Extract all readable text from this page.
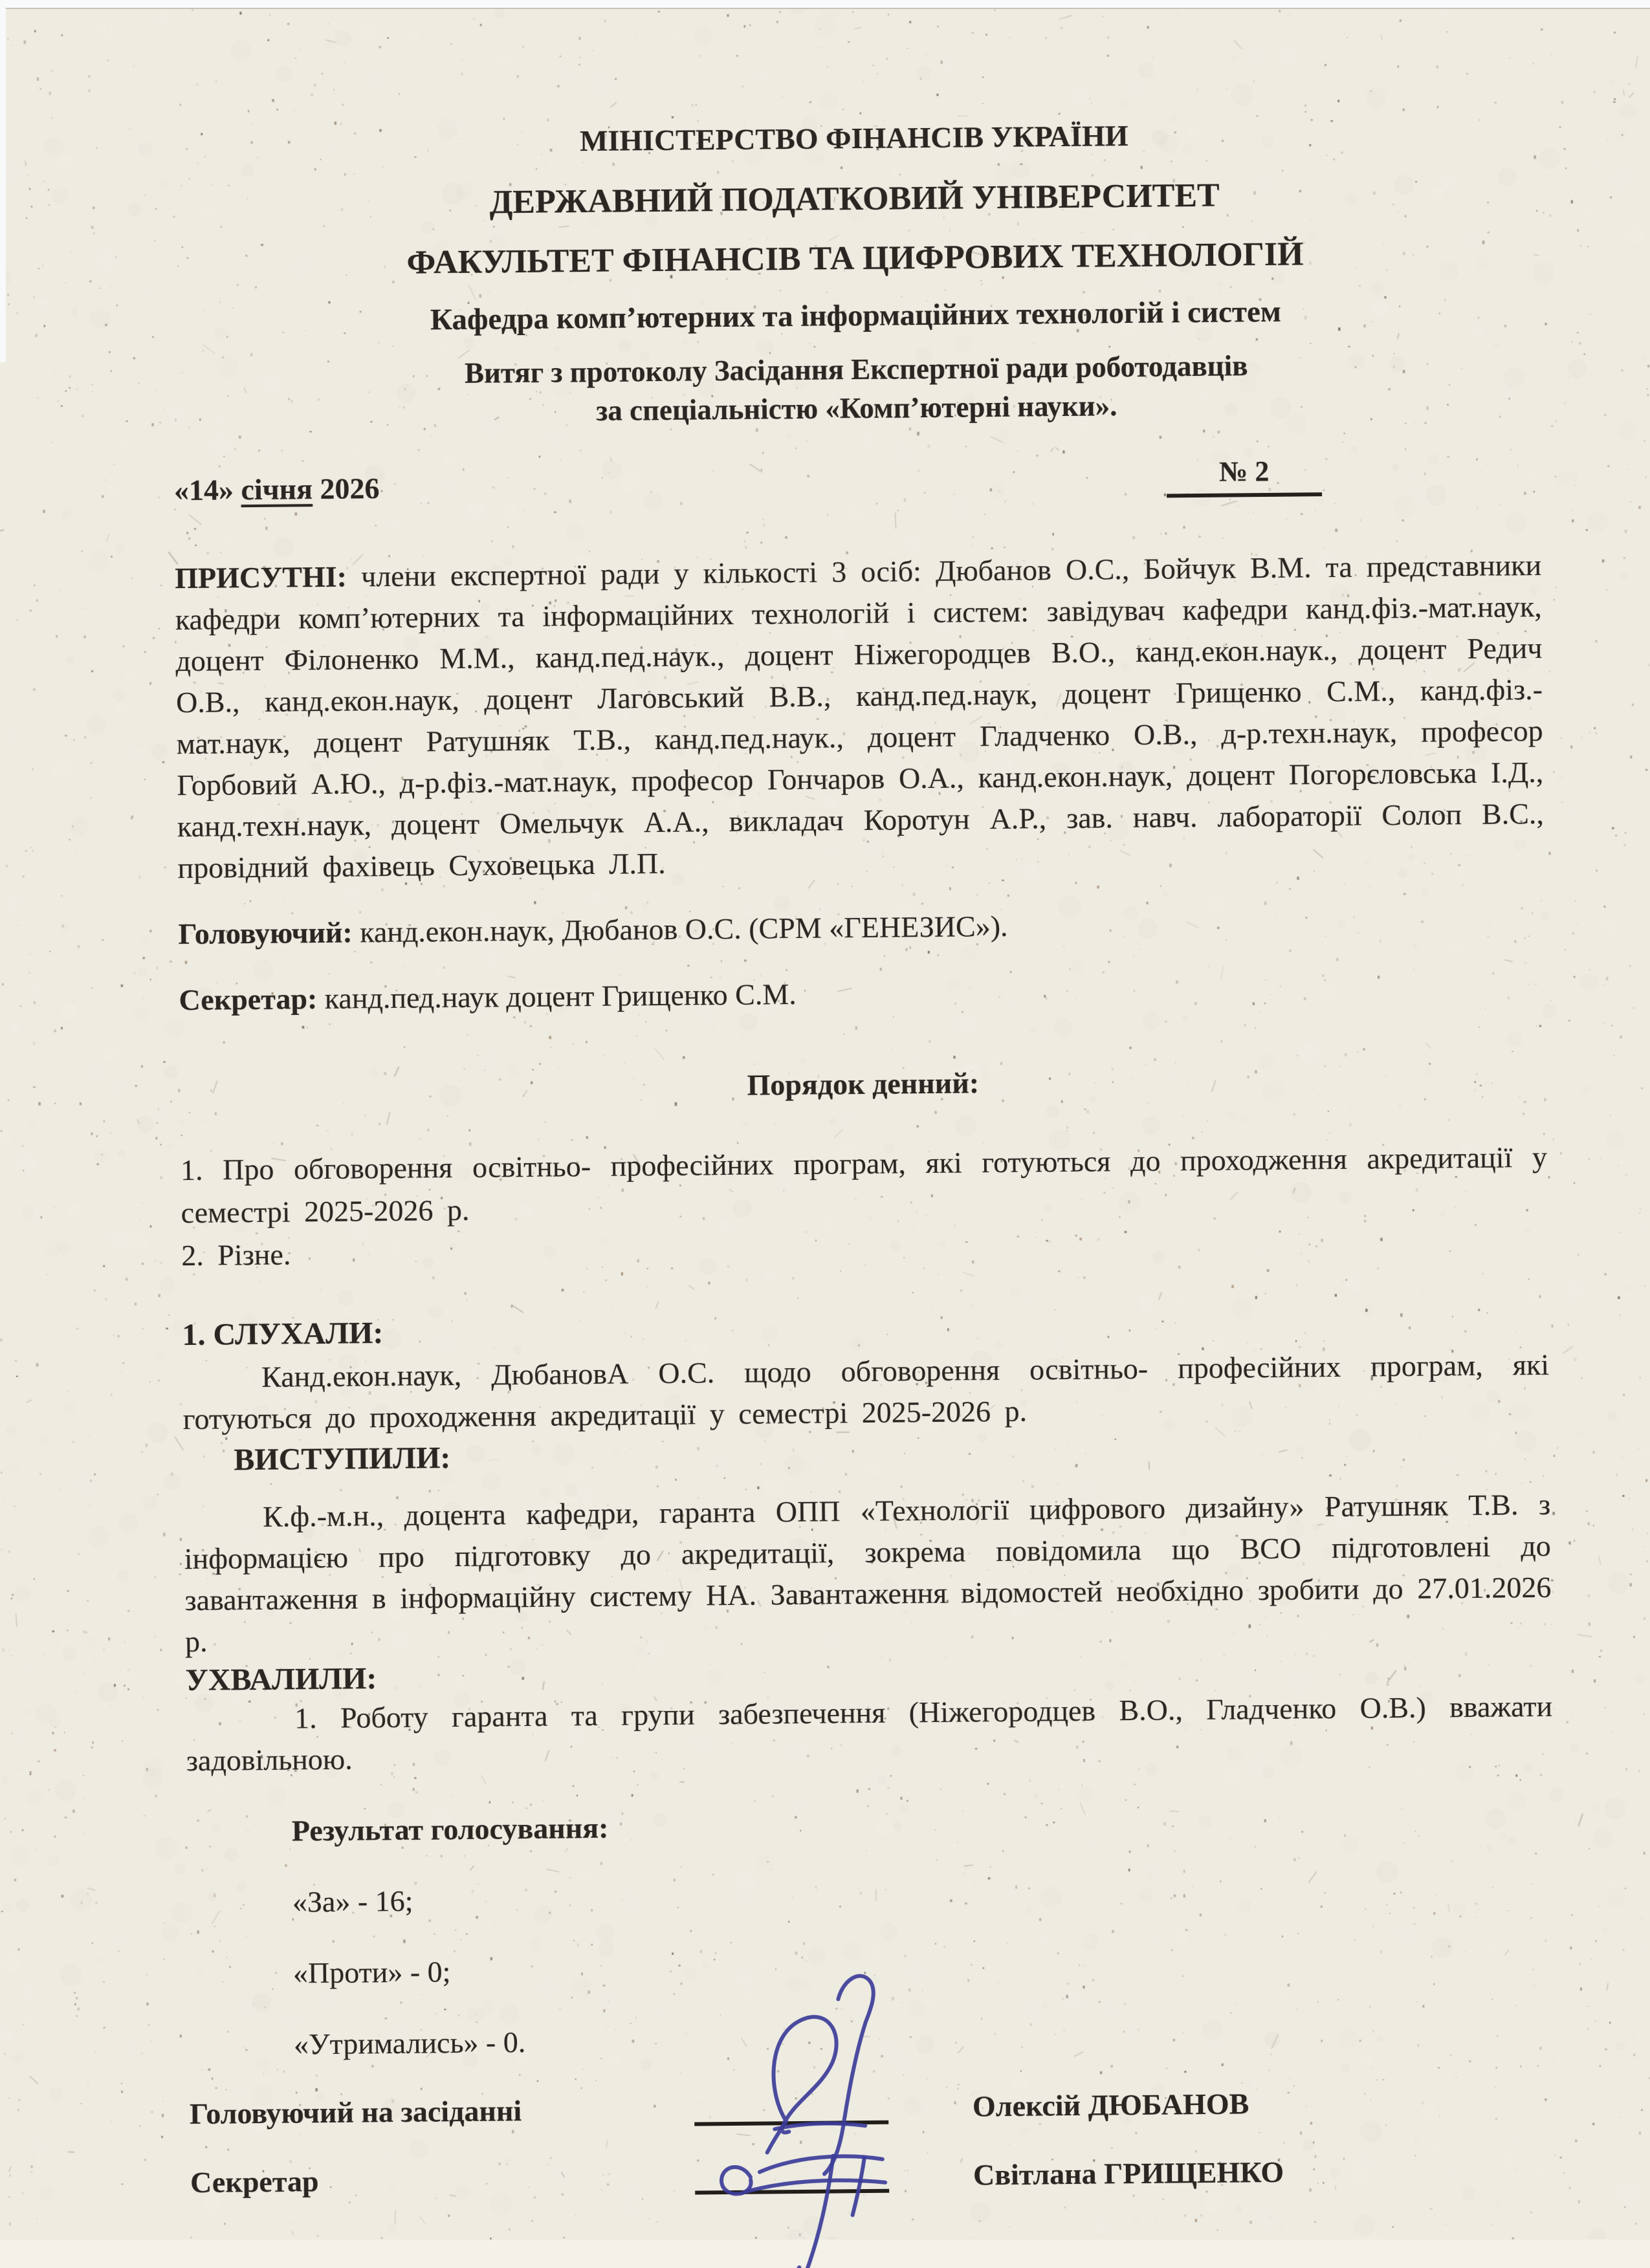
МІНІСТЕРСТВО ФІНАНСІВ УКРАЇНИ

ДЕРЖАВНИЙ ПОДАТКОВИЙ УНІВЕРСИТЕТ

ФАКУЛЬТЕТ ФІНАНСІВ ТА ЦИФРОВИХ ТЕХНОЛОГІЙ

Кафедра комп’ютерних та інформаційних технологій і систем

Витяг з протоколу Засідання Експертної ради роботодавців

за спеціальністю «Комп’ютерні науки».

«14» січня 2026
№ 2

ПРИСУТНІ: члени експертної ради у кількості 3 осіб: Дюбанов О.С., Бойчук В.М. та представники кафедри комп’ютерних та інформаційних технологій і систем: завідувач кафедри канд.фіз.-мат.наук, доцент Філоненко М.М., канд.пед.наук., доцент Ніжегородцев В.О., канд.екон.наук., доцент Редич О.В., канд.екон.наук, доцент Лаговський В.В., канд.пед.наук, доцент Грищенко С.М., канд.фіз.-мат.наук, доцент Ратушняк Т.В., канд.пед.наук., доцент Гладченко О.В., д-р.техн.наук, професор Горбовий А.Ю., д-р.фіз.-мат.наук, професор Гончаров О.А., канд.екон.наук, доцент Погорєловська І.Д., канд.техн.наук, доцент Омельчук А.А., викладач Коротун А.Р., зав. навч. лабораторії Солоп В.С., провідний фахівець Суховецька Л.П.

Головуючий: канд.екон.наук, Дюбанов О.С. (СРМ «ГЕНЕЗИС»).

Секретар: канд.пед.наук доцент Грищенко С.М.

Порядок денний:

1. Про обговорення освітньо- професійних програм, які готуються до проходження акредитації у семестрі 2025-2026 р.

2. Різне.

1. СЛУХАЛИ:

Канд.екон.наук, ДюбановА О.С. щодо обговорення освітньо- професійних програм, які готуються до проходження акредитації у семестрі 2025-2026 р.

ВИСТУПИЛИ:

К.ф.-м.н., доцента кафедри, гаранта ОПП «Технології цифрового дизайну» Ратушняк Т.В. з інформацією про підготовку до акредитації, зокрема повідомила що ВСО підготовлені до завантаження в інформаційну систему НА. Завантаження відомостей необхідно зробити до 27.01.2026 р.

УХВАЛИЛИ:

1. Роботу гаранта та групи забезпечення (Ніжегородцев В.О., Гладченко О.В.) вважати задовільною.

Результат голосування:

«За» - 16;

«Проти» - 0;

«Утримались» - 0.

Головуючий на засіданні	Олексій ДЮБАНОВ
Секретар	Світлана ГРИЩЕНКО
